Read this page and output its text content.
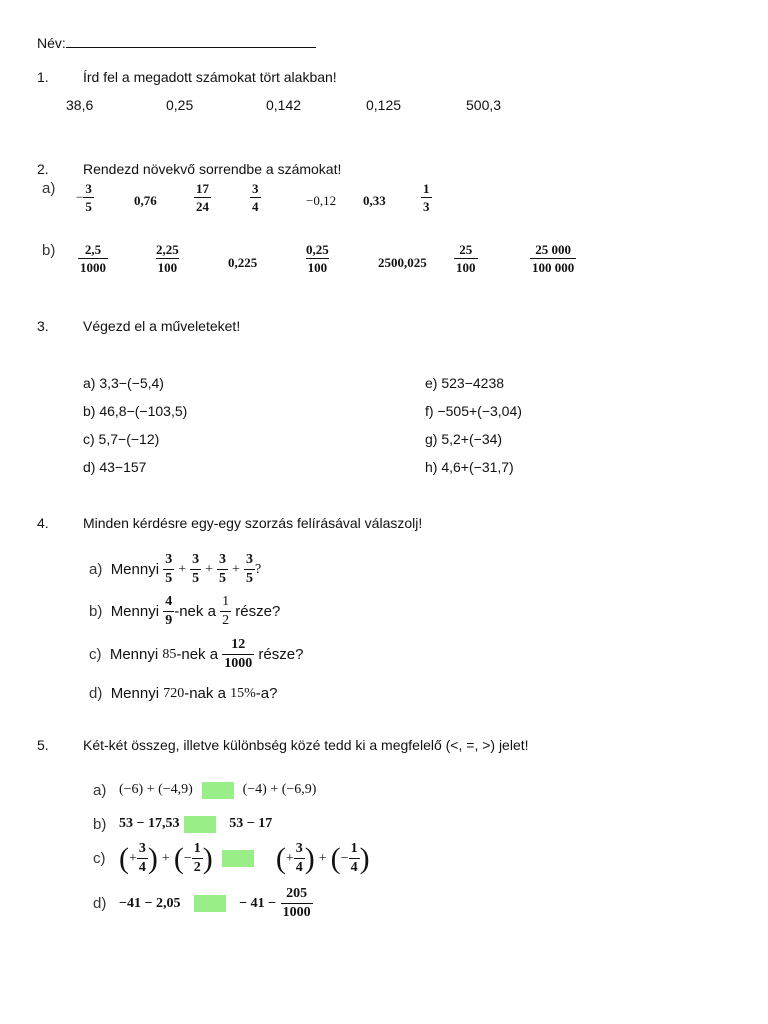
Név:
1. Írd fel a megadott számokat tört alakban!
38,6	0,25	0,142	0,125	500,3
2. Rendezd növekvő sorrendbe a számokat!
$a) - \frac{3}{5}$	0,76	$\frac{17}{24}$	$\frac{3}{4}$	−0,12 0,33	$\frac{1}{3}$
$b) \frac{2,5}{1000}$	$\frac{2,25}{100}$	0,225	$\frac{0,25}{100}$	$2500,025 \frac{25}{100}$	$\frac{25 000}{100 000}$
3. Végezd el a műveleteket!
a) 3,3−(−5,4)
b) 46,8−(−103,5)
c) 5,7−(−12)
d) 43−157
e) 523−4238
f) −505+(−3,04)
g) 5,2+(−34)
h) 4,6+(−31,7)
4. Minden kérdésre egy-egy szorzás felírásával válaszolj!
a)
Mennyi
$\frac{3}{5} + \frac{3}{5} + \frac{3}{5} + \frac{3}{5}$ ?
b)
Mennyi
$\frac{4}{9} -nek$ a
$\frac{1}{2}$
része?
c)
Mennyi
85 -nek a
$\frac{12}{1000}$
része?
d)
Mennyi
720 -nak a
15% -a?
5. Két-két összeg, illetve különbség közé tedd ki a megfelelő (<, =, >) jelet!
a) (−6) + (−4,9)

	(−4) + (−6,9)
b) 53 − 17,53

	53 − 17
c) ( + $\frac{3}{4}$ ) + ( − $\frac{1}{2}$ )

( + $\frac{3}{4}$ ) + ( − $\frac{1}{4}$ )
d) −41 − 2,05

	− 41 −
$\frac{205}{1000}$
